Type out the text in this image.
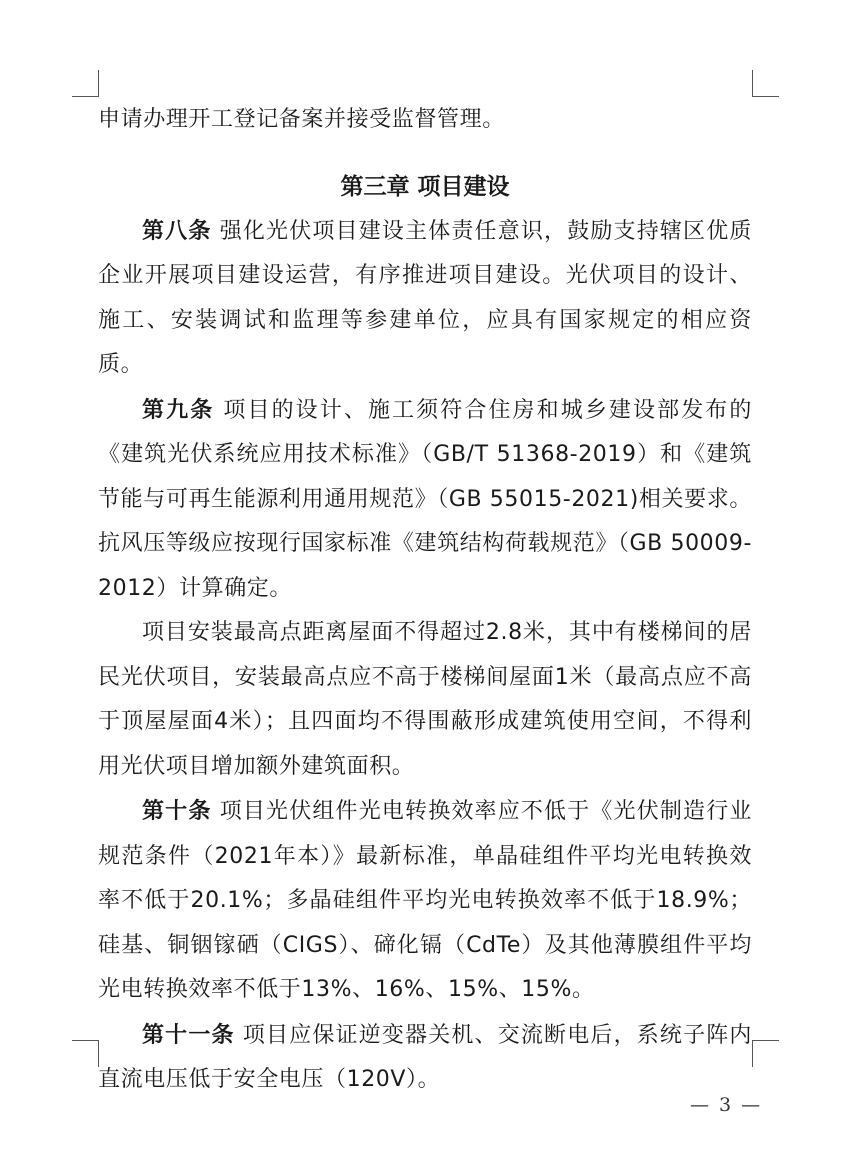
申请办理开工登记备案并接受监督管理。

第三章 项目建设

第八条 强化光伏项目建设主体责任意识，鼓励支持辖区优质企业开展项目建设运营，有序推进项目建设。光伏项目的设计、施工、安装调试和监理等参建单位，应具有国家规定的相应资质。

第九条 项目的设计、施工须符合住房和城乡建设部发布的《建筑光伏系统应用技术标准》（GB/T 51368-2019）和《建筑节能与可再生能源利用通用规范》（GB 55015-2021)相关要求。抗风压等级应按现行国家标准《建筑结构荷载规范》（GB 50009-2012）计算确定。

项目安装最高点距离屋面不得超过2.8米，其中有楼梯间的居民光伏项目，安装最高点应不高于楼梯间屋面1米（最高点应不高于顶屋屋面4米）；且四面均不得围蔽形成建筑使用空间，不得利用光伏项目增加额外建筑面积。

第十条 项目光伏组件光电转换效率应不低于《光伏制造行业规范条件（2021年本）》最新标准，单晶硅组件平均光电转换效率不低于20.1%；多晶硅组件平均光电转换效率不低于18.9%；硅基、铜铟镓硒（CIGS）、碲化镉（CdTe）及其他薄膜组件平均光电转换效率不低于13%、16%、15%、15%。

第十一条 项目应保证逆变器关机、交流断电后，系统子阵内直流电压低于安全电压（120V）。

— 3 —
